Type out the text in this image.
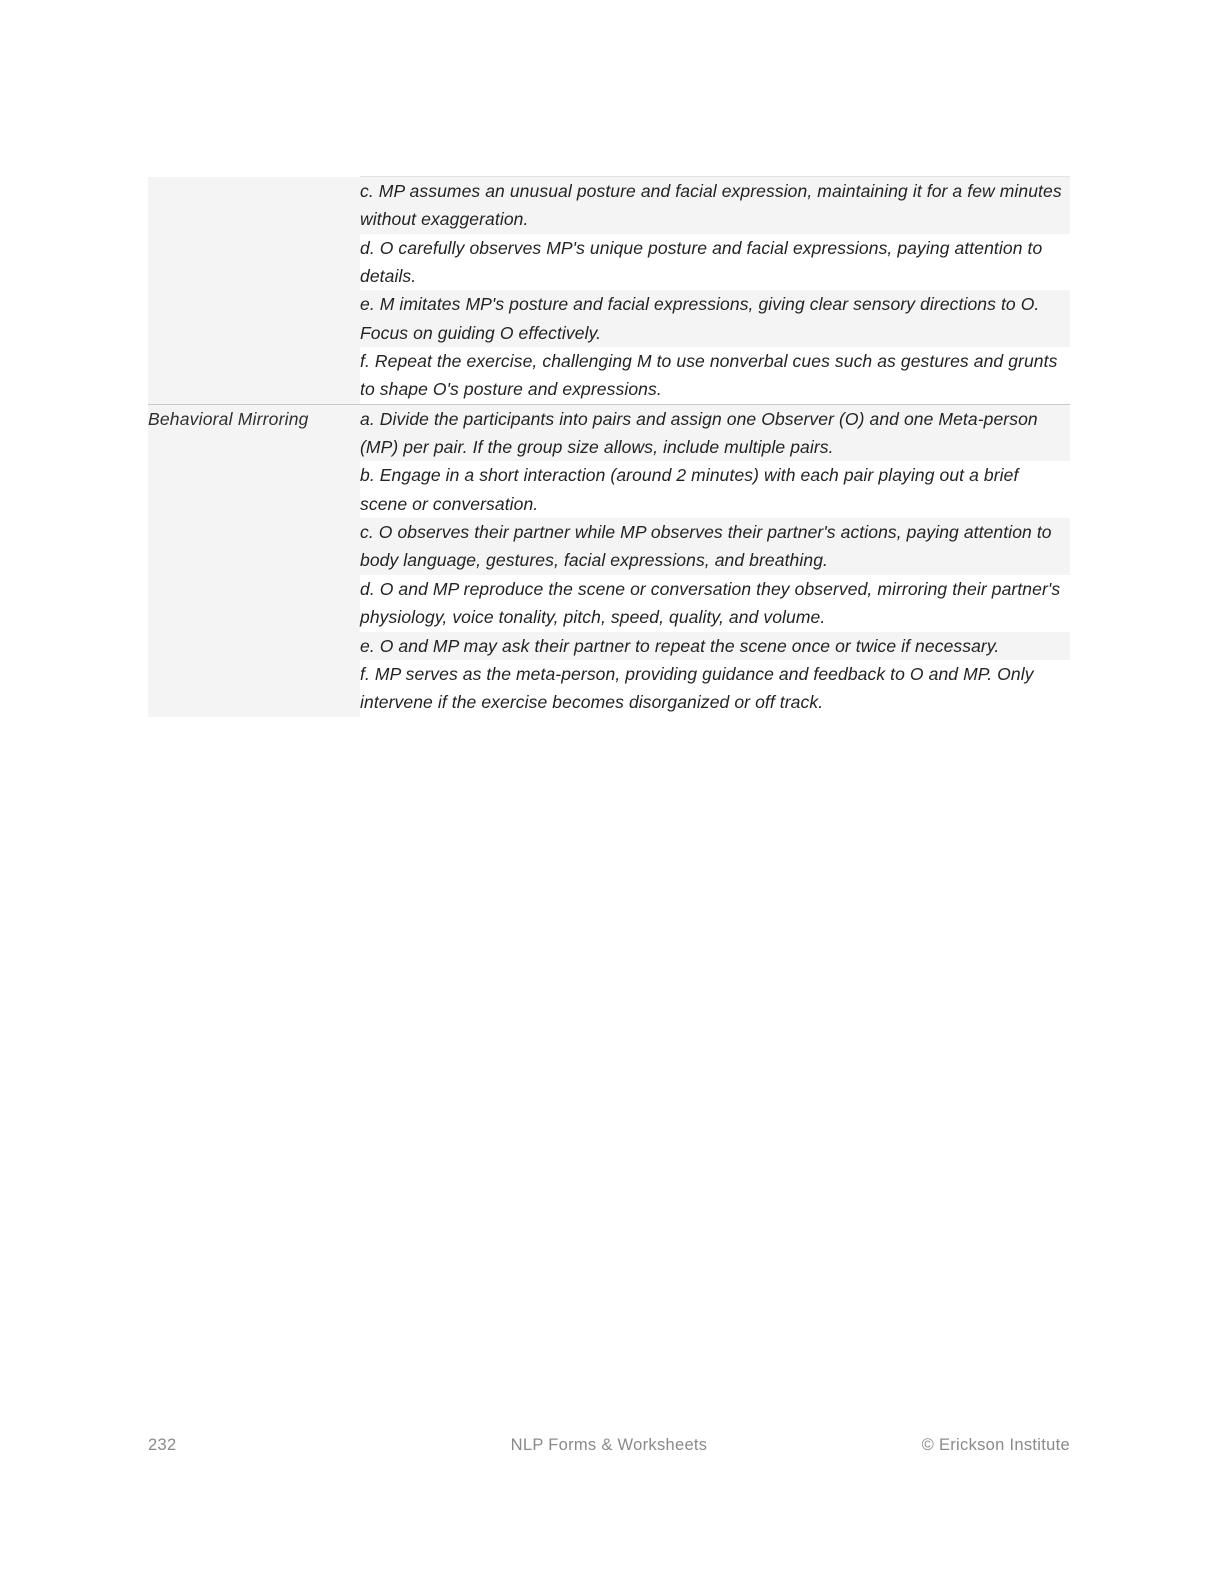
	c. MP assumes an unusual posture and facial expression, maintaining it for a few minutes without exaggeration.
	d. O carefully observes MP's unique posture and facial expressions, paying attention to details.
	e. M imitates MP's posture and facial expressions, giving clear sensory directions to O. Focus on guiding O effectively.
	f. Repeat the exercise, challenging M to use nonverbal cues such as gestures and grunts to shape O's posture and expressions.
Behavioral Mirroring	a. Divide the participants into pairs and assign one Observer (O) and one Meta-person (MP) per pair. If the group size allows, include multiple pairs.
	b. Engage in a short interaction (around 2 minutes) with each pair playing out a brief scene or conversation.
	c. O observes their partner while MP observes their partner's actions, paying attention to body language, gestures, facial expressions, and breathing.
	d. O and MP reproduce the scene or conversation they observed, mirroring their partner's physiology, voice tonality, pitch, speed, quality, and volume.
	e. O and MP may ask their partner to repeat the scene once or twice if necessary.
	f. MP serves as the meta-person, providing guidance and feedback to O and MP. Only intervene if the exercise becomes disorganized or off track.
232	NLP Forms & Worksheets	© Erickson Institute
